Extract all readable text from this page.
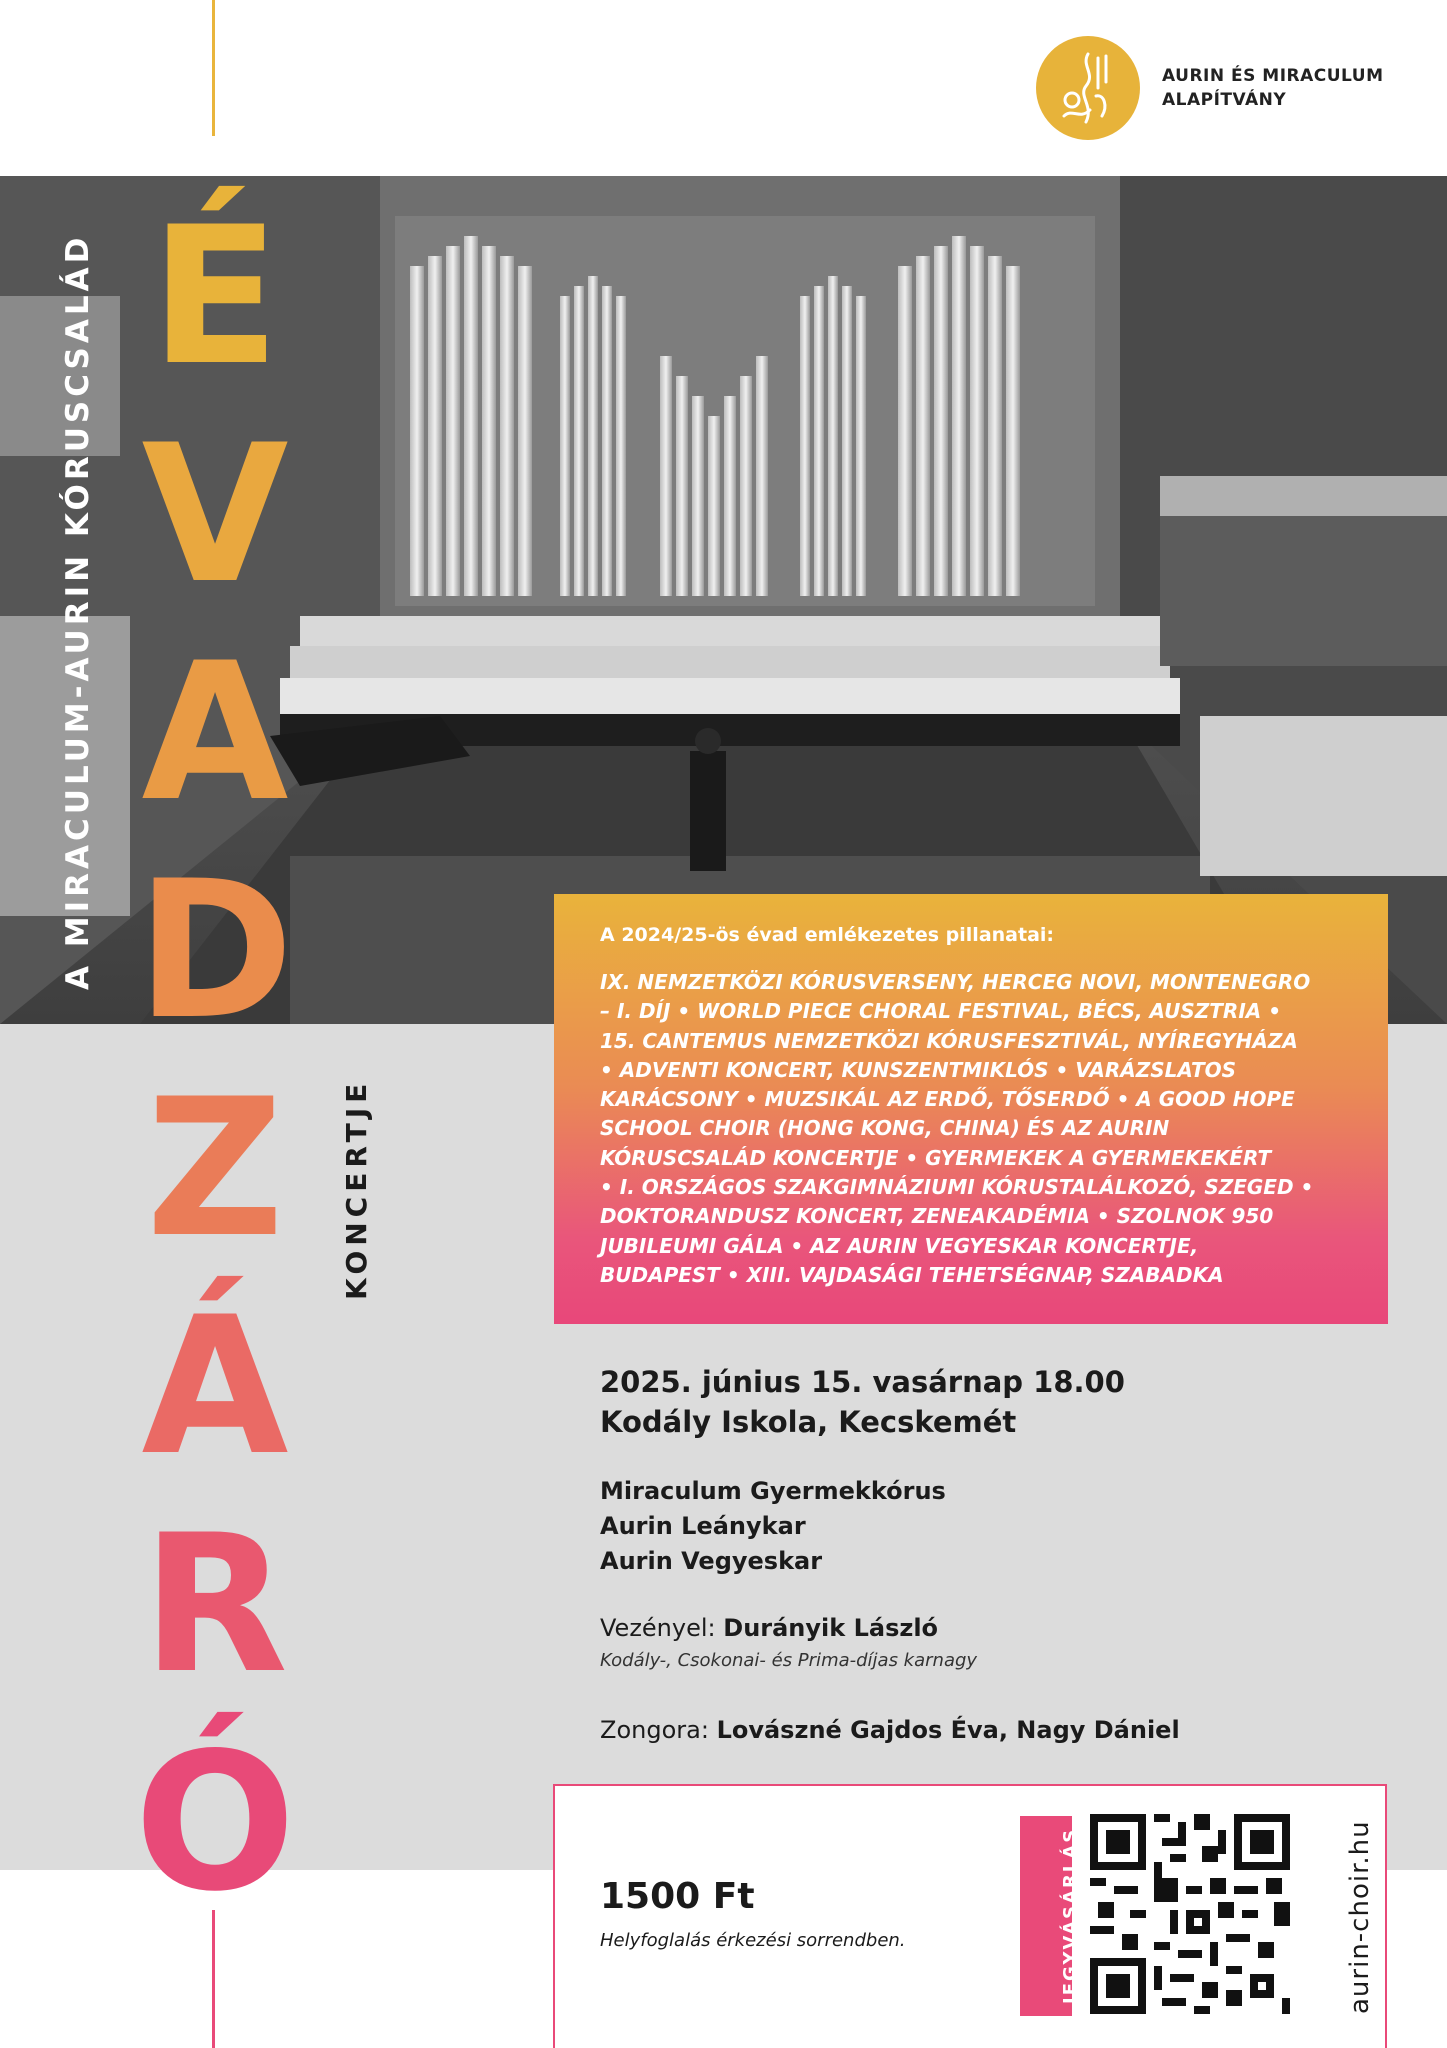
AURIN ÉS MIRACULUM
ALAPÍTVÁNY
A MIRACULUM-AURIN KÓRUSCSALÁD É
V
A
D
Z
Á
R
Ó
KONCERTJE
A 2024/25-ös évad emlékezetes pillanatai:
IX. NEMZETKÖZI KÓRUSVERSENY, HERCEG NOVI, MONTENEGRO
– I. DÍJ • WORLD PIECE CHORAL FESTIVAL, BÉCS, AUSZTRIA •
15. CANTEMUS NEMZETKÖZI KÓRUSFESZTIVÁL, NYÍREGYHÁZA
• ADVENTI KONCERT, KUNSZENTMIKLÓS • VARÁZSLATOS
KARÁCSONY • MUZSIKÁL AZ ERDŐ, TŐSERDŐ • A GOOD HOPE
SCHOOL CHOIR (HONG KONG, CHINA) ÉS AZ AURIN
KÓRUSCSALÁD KONCERTJE • GYERMEKEK A GYERMEKEKÉRT
• I. ORSZÁGOS SZAKGIMNÁZIUMI KÓRUSTALÁLKOZÓ, SZEGED •
DOKTORANDUSZ KONCERT, ZENEAKADÉMIA • SZOLNOK 950
JUBILEUMI GÁLA • AZ AURIN VEGYESKAR KONCERTJE,
BUDAPEST • XIII. VAJDASÁGI TEHETSÉGNAP, SZABADKA
2025. június 15. vasárnap 18.00
Kodály Iskola, Kecskemét
Miraculum Gyermekkórus
Aurin Leánykar
Aurin Vegyeskar
Vezényel: Durányik László
Kodály-, Csokonai- és Prima-díjas karnagy
Zongora: Lovászné Gajdos Éva, Nagy Dániel
1500 Ft
Helyfoglalás érkezési sorrendben.	JEGYVÁSÁRLÁS	aurin-choir.hu
